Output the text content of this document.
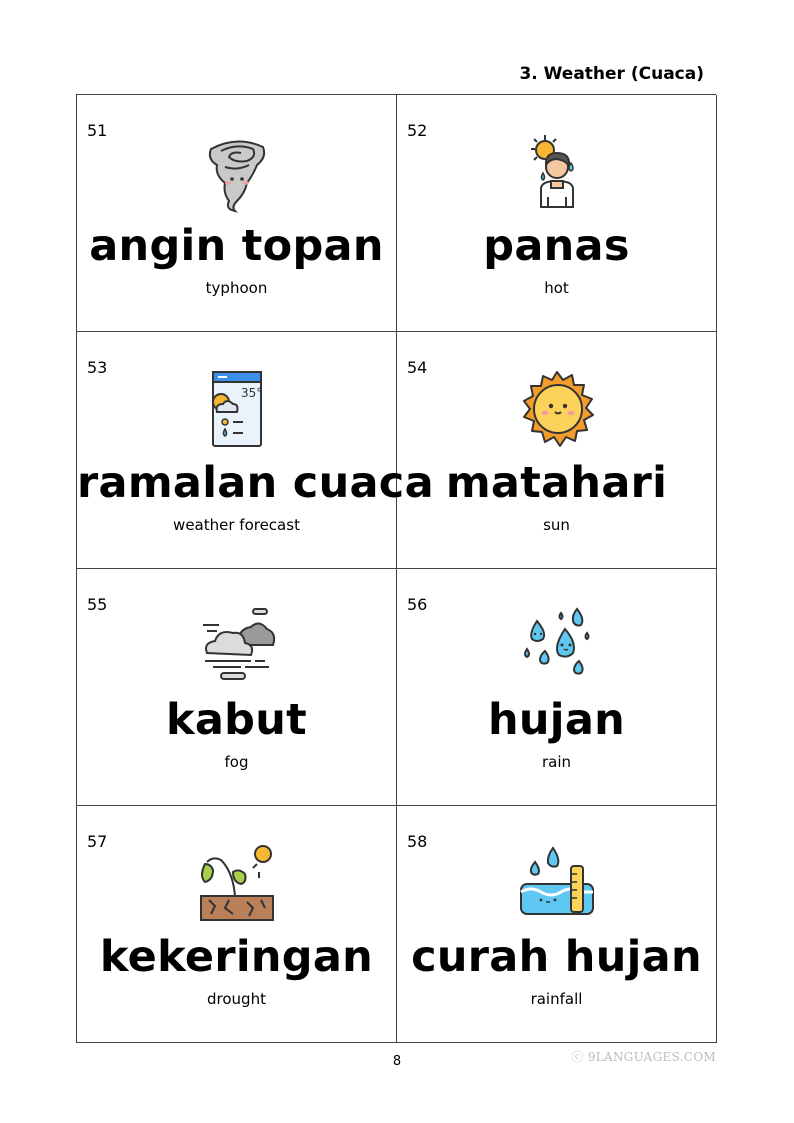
3. Weather (Cuaca)
51
angin topan
typhoon
52
panas
hot
53
35°
ramalan cuaca
weather forecast
54
matahari
sun
55
kabut
fog
56
hujan
rain
57
kekeringan
drought
58
curah hujan
rainfall
8	ⓒ 9LANGUAGES.COM
